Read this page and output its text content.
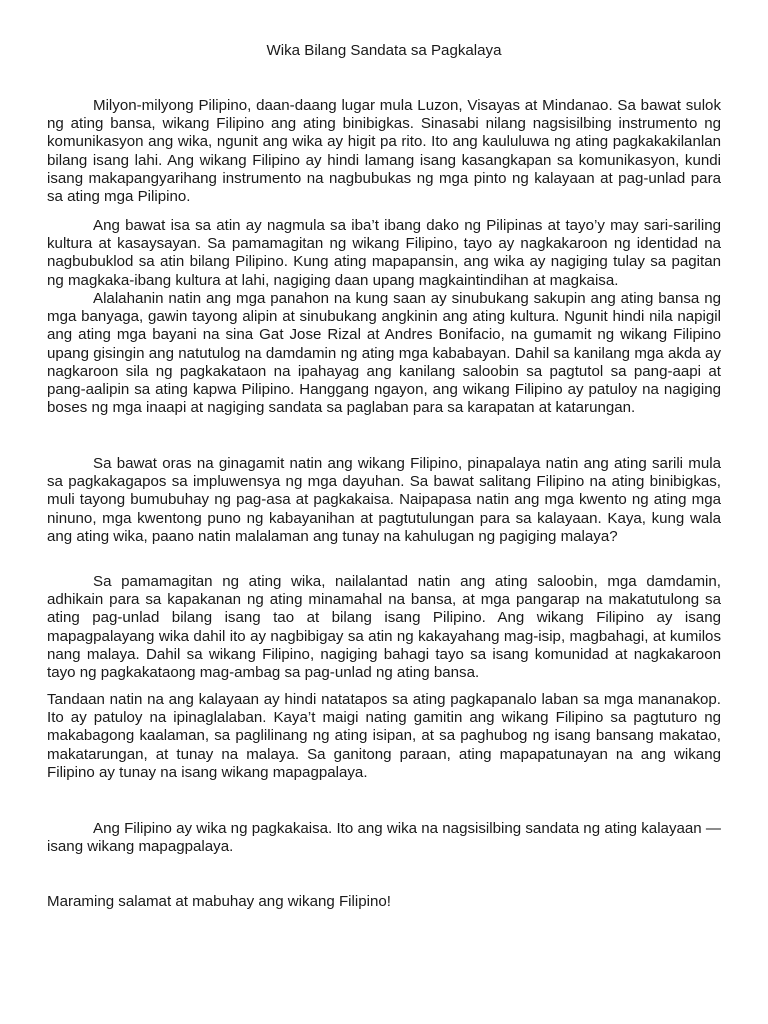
Wika Bilang Sandata sa Pagkalaya

Milyon-milyong Pilipino, daan-daang lugar mula Luzon, Visayas at Mindanao. Sa bawat sulok ng ating bansa, wikang Filipino ang ating binibigkas. Sinasabi nilang nagsisilbing instrumento ng komunikasyon ang wika, ngunit ang wika ay higit pa rito. Ito ang kaululuwa ng ating pagkakakilanlan bilang isang lahi. Ang wikang Filipino ay hindi lamang isang kasangkapan sa komunikasyon, kundi isang makapangyarihang instrumento na nagbubukas ng mga pinto ng kalayaan at pag-unlad para sa ating mga Pilipino.

Ang bawat isa sa atin ay nagmula sa iba’t ibang dako ng Pilipinas at tayo’y may sari-sariling kultura at kasaysayan. Sa pamamagitan ng wikang Filipino, tayo ay nagkakaroon ng identidad na nagbubuklod sa atin bilang Pilipino. Kung ating mapapansin, ang wika ay nagiging tulay sa pagitan ng magkaka-ibang kultura at lahi, nagiging daan upang magkaintindihan at magkaisa.

Alalahanin natin ang mga panahon na kung saan ay sinubukang sakupin ang ating bansa ng mga banyaga, gawin tayong alipin at sinubukang angkinin ang ating kultura. Ngunit hindi nila napigil ang ating mga bayani na sina Gat Jose Rizal at Andres Bonifacio, na gumamit ng wikang Filipino upang gisingin ang natutulog na damdamin ng ating mga kababayan. Dahil sa kanilang mga akda ay nagkaroon sila ng pagkakataon na ipahayag ang kanilang saloobin sa pagtutol sa pang-aapi at pang-aalipin sa ating kapwa Pilipino. Hanggang ngayon, ang wikang Filipino ay patuloy na nagiging boses ng mga inaapi at nagiging sandata sa paglaban para sa karapatan at katarungan.

Sa bawat oras na ginagamit natin ang wikang Filipino, pinapalaya natin ang ating sarili mula sa pagkakagapos sa impluwensya ng mga dayuhan. Sa bawat salitang Filipino na ating binibigkas, muli tayong bumubuhay ng pag-asa at pagkakaisa. Naipapasa natin ang mga kwento ng ating mga ninuno, mga kwentong puno ng kabayanihan at pagtutulungan para sa kalayaan. Kaya, kung wala ang ating wika, paano natin malalaman ang tunay na kahulugan ng pagiging malaya?

Sa pamamagitan ng ating wika, nailalantad natin ang ating saloobin, mga damdamin, adhikain para sa kapakanan ng ating minamahal na bansa, at mga pangarap na makatutulong sa ating pag-unlad bilang isang tao at bilang isang Pilipino. Ang wikang Filipino ay isang mapagpalayang wika dahil ito ay nagbibigay sa atin ng kakayahang mag-isip, magbahagi, at kumilos nang malaya. Dahil sa wikang Filipino, nagiging bahagi tayo sa isang komunidad at nagkakaroon tayo ng pagkakataong mag-ambag sa pag-unlad ng ating bansa.

Tandaan natin na ang kalayaan ay hindi natatapos sa ating pagkapanalo laban sa mga mananakop. Ito ay patuloy na ipinaglalaban. Kaya’t maigi nating gamitin ang wikang Filipino sa pagtuturo ng makabagong kaalaman, sa paglilinang ng ating isipan, at sa paghubog ng isang bansang makatao, makatarungan, at tunay na malaya. Sa ganitong paraan, ating mapapatunayan na ang wikang Filipino ay tunay na isang wikang mapagpalaya.

Ang Filipino ay wika ng pagkakaisa. Ito ang wika na nagsisilbing sandata ng ating kalayaan —isang wikang mapagpalaya.

Maraming salamat at mabuhay ang wikang Filipino!
